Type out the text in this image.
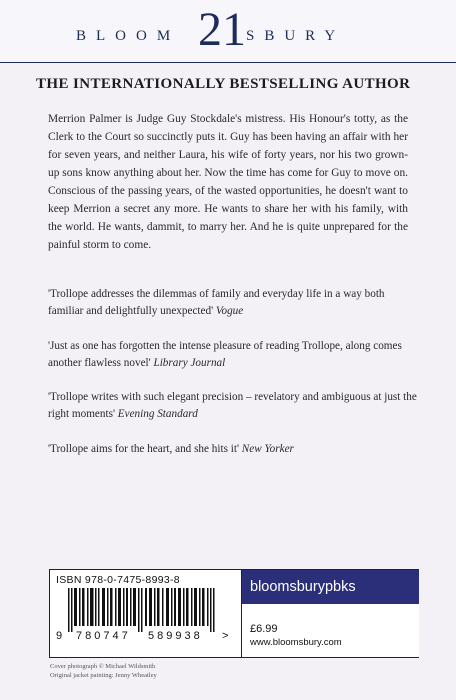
BLOOM 21 SBURY
THE INTERNATIONALLY BESTSELLING AUTHOR
Merrion Palmer is Judge Guy Stockdale's mistress. His Honour's totty, as the Clerk to the Court so succinctly puts it. Guy has been having an affair with her for seven years, and neither Laura, his wife of forty years, nor his two grown-up sons know anything about her. Now the time has come for Guy to move on. Conscious of the passing years, of the wasted opportunities, he doesn't want to keep Merrion a secret any more. He wants to share her with his family, with the world. He wants, dammit, to marry her. And he is quite unprepared for the painful storm to come.
'Trollope addresses the dilemmas of family and everyday life in a way both familiar and delightfully unexpected' Vogue
'Just as one has forgotten the intense pleasure of reading Trollope, along comes another flawless novel' Library Journal
'Trollope writes with such elegant precision – revelatory and ambiguous at just the right moments' Evening Standard
'Trollope aims for the heart, and she hits it' New Yorker
ISBN 978-0-7475-8993-8
9 780747 589938 >
bloomsburypbks
£6.99
www.bloomsbury.com
Cover photograph © Michael Wildsmith
Original jacket painting: Jenny Wheatley
